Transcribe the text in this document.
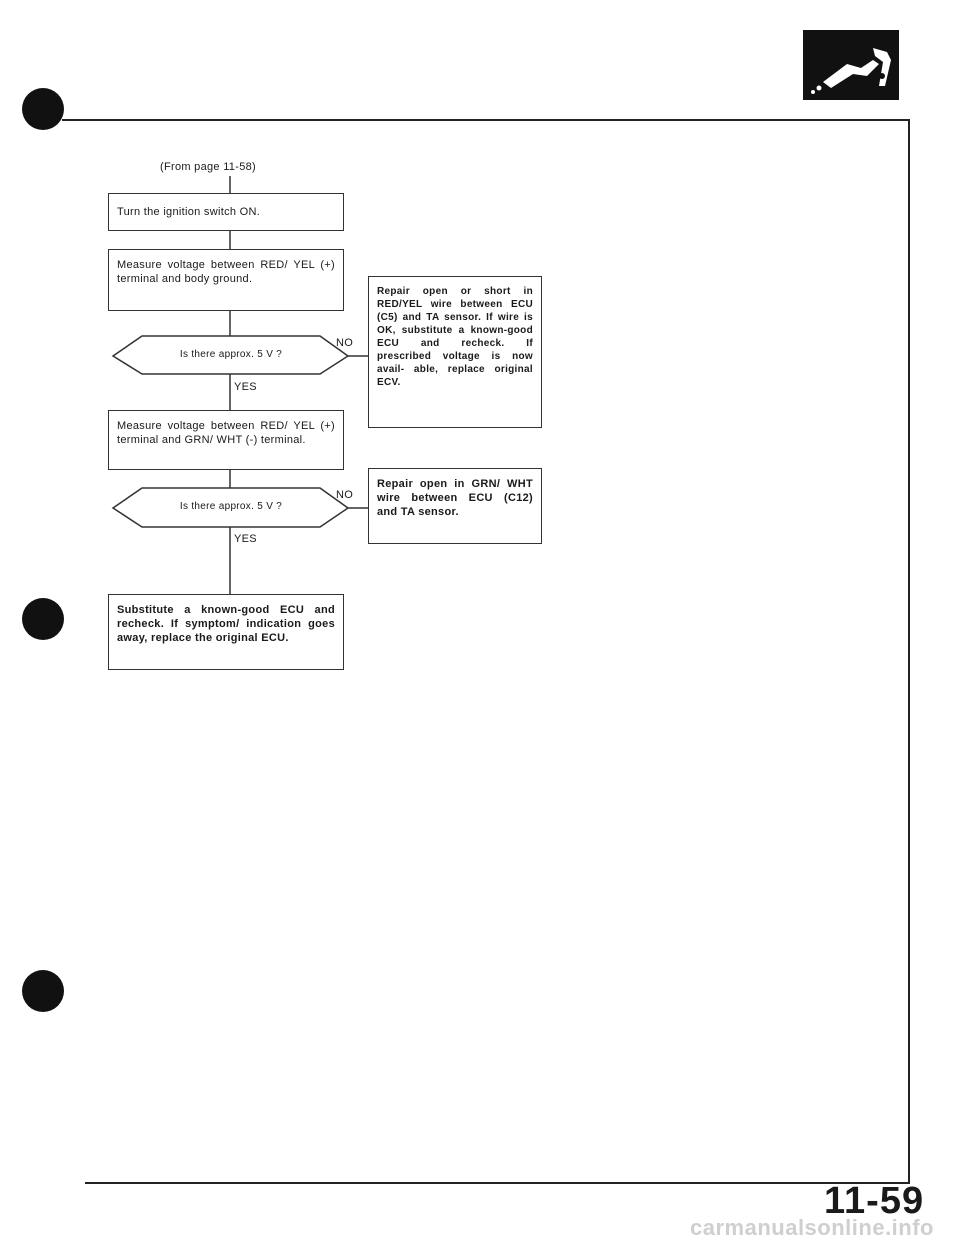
(From page 11-58)
Turn the ignition switch ON.
Measure voltage between RED/ YEL (+) terminal and body ground.
Is there approx. 5 V ?
NO
YES
Repair open or short in RED/YEL wire between ECU (C5) and TA sensor. If wire is OK, substitute a known-good ECU and recheck. If prescribed voltage is now avail- able, replace original ECV.
Measure voltage between RED/ YEL (+) terminal and GRN/ WHT (-) terminal.
Is there approx. 5 V ?
NO
YES
Repair open in GRN/ WHT wire between ECU (C12) and TA sensor.
Substitute a known-good ECU and recheck. If symptom/ indication goes away, replace the original ECU.
11-59
carmanualsonline.info
